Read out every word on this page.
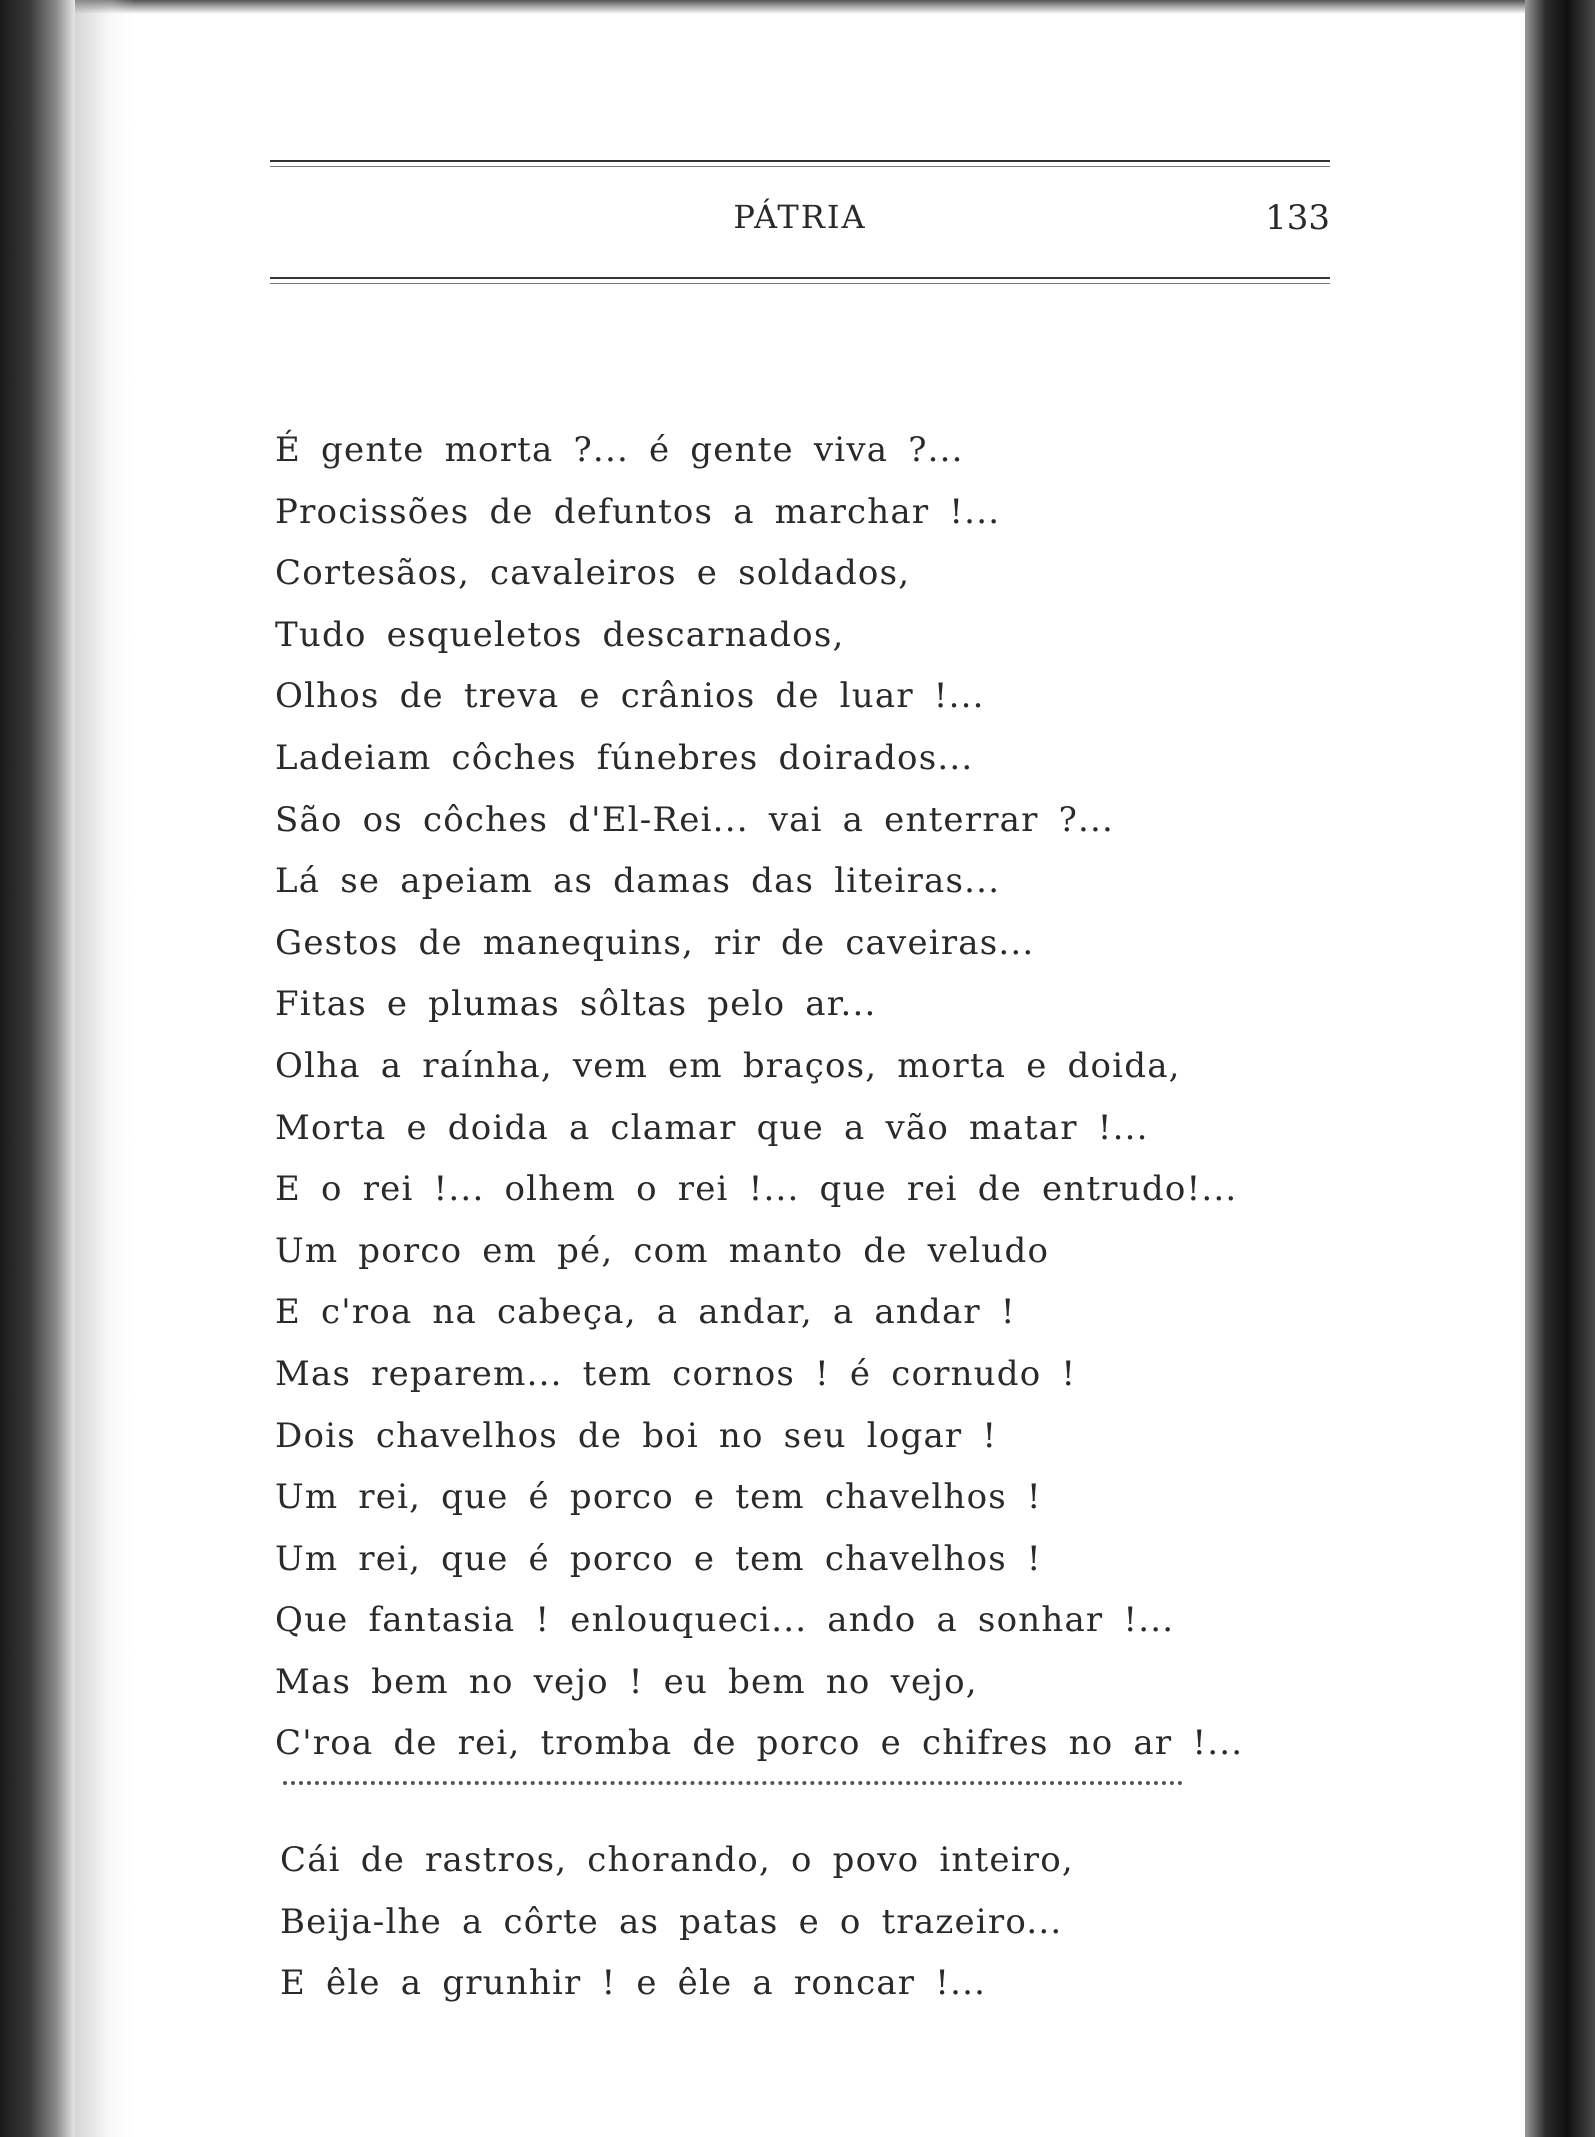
PÁTRIA	133
É gente morta ?... é gente viva ?...
Procissões de defuntos a marchar !...
Cortesãos, cavaleiros e soldados,
Tudo esqueletos descarnados,
Olhos de treva e crânios de luar !...
Ladeiam côches fúnebres doirados...
São os côches d'El-Rei... vai a enterrar ?...
Lá se apeiam as damas das liteiras...
Gestos de manequins, rir de caveiras...
Fitas e plumas sôltas pelo ar...
Olha a raínha, vem em braços, morta e doida,
Morta e doida a clamar que a vão matar !...
E o rei !... olhem o rei !... que rei de entrudo!...
Um porco em pé, com manto de veludo
E c'roa na cabeça, a andar, a andar !
Mas reparem... tem cornos ! é cornudo !
Dois chavelhos de boi no seu logar !
Um rei, que é porco e tem chavelhos !
Um rei, que é porco e tem chavelhos !
Que fantasia ! enlouqueci... ando a sonhar !...
Mas bem no vejo ! eu bem no vejo,
C'roa de rei, tromba de porco e chifres no ar !...
Cái de rastros, chorando, o povo inteiro,
Beija-lhe a côrte as patas e o trazeiro...
E êle a grunhir ! e êle a roncar !...
